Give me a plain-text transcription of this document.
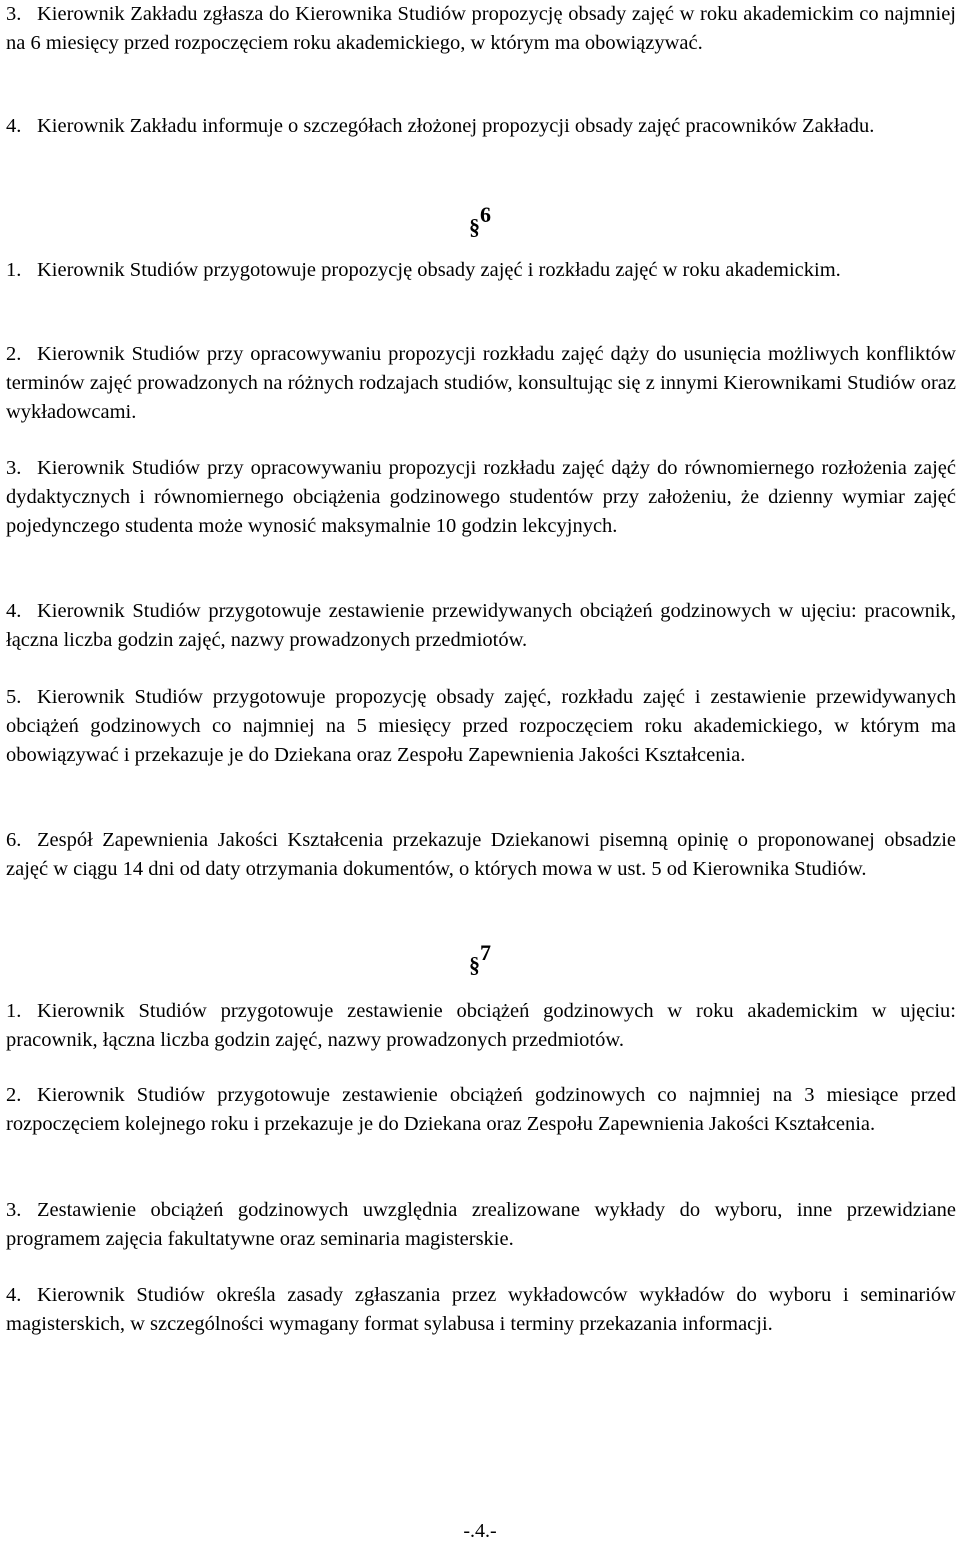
3. Kierownik Zakładu zgłasza do Kierownika Studiów propozycję obsady zajęć w roku akademickim co najmniej na 6 miesięcy przed rozpoczęciem roku akademickiego, w którym ma obowiązywać.
4. Kierownik Zakładu informuje o szczegółach złożonej propozycji obsady zajęć pracowników Zakładu.
§6
1. Kierownik Studiów przygotowuje propozycję obsady zajęć i rozkładu zajęć w roku akademickim.
2. Kierownik Studiów przy opracowywaniu propozycji rozkładu zajęć dąży do usunięcia możliwych konfliktów terminów zajęć prowadzonych na różnych rodzajach studiów, konsultując się z innymi Kierownikami Studiów oraz wykładowcami.
3. Kierownik Studiów przy opracowywaniu propozycji rozkładu zajęć dąży do równomiernego rozłożenia zajęć dydaktycznych i równomiernego obciążenia godzinowego studentów przy założeniu, że dzienny wymiar zajęć pojedynczego studenta może wynosić maksymalnie 10 godzin lekcyjnych.
4. Kierownik Studiów przygotowuje zestawienie przewidywanych obciążeń godzinowych w ujęciu: pracownik, łączna liczba godzin zajęć, nazwy prowadzonych przedmiotów.
5. Kierownik Studiów przygotowuje propozycję obsady zajęć, rozkładu zajęć i zestawienie przewidywanych obciążeń godzinowych co najmniej na 5 miesięcy przed rozpoczęciem roku akademickiego, w którym ma obowiązywać i przekazuje je do Dziekana oraz Zespołu Zapewnienia Jakości Kształcenia.
6. Zespół Zapewnienia Jakości Kształcenia przekazuje Dziekanowi pisemną opinię o proponowanej obsadzie zajęć w ciągu 14 dni od daty otrzymania dokumentów, o których mowa w ust. 5 od Kierownika Studiów.
§7
1. Kierownik Studiów przygotowuje zestawienie obciążeń godzinowych w roku akademickim w ujęciu: pracownik, łączna liczba godzin zajęć, nazwy prowadzonych przedmiotów.
2. Kierownik Studiów przygotowuje zestawienie obciążeń godzinowych co najmniej na 3 miesiące przed rozpoczęciem kolejnego roku i przekazuje je do Dziekana oraz Zespołu Zapewnienia Jakości Kształcenia.
3. Zestawienie obciążeń godzinowych uwzględnia zrealizowane wykłady do wyboru, inne przewidziane programem zajęcia fakultatywne oraz seminaria magisterskie.
4. Kierownik Studiów określa zasady zgłaszania przez wykładowców wykładów do wyboru i seminariów magisterskich, w szczególności wymagany format sylabusa i terminy przekazania informacji.
-.4.-
